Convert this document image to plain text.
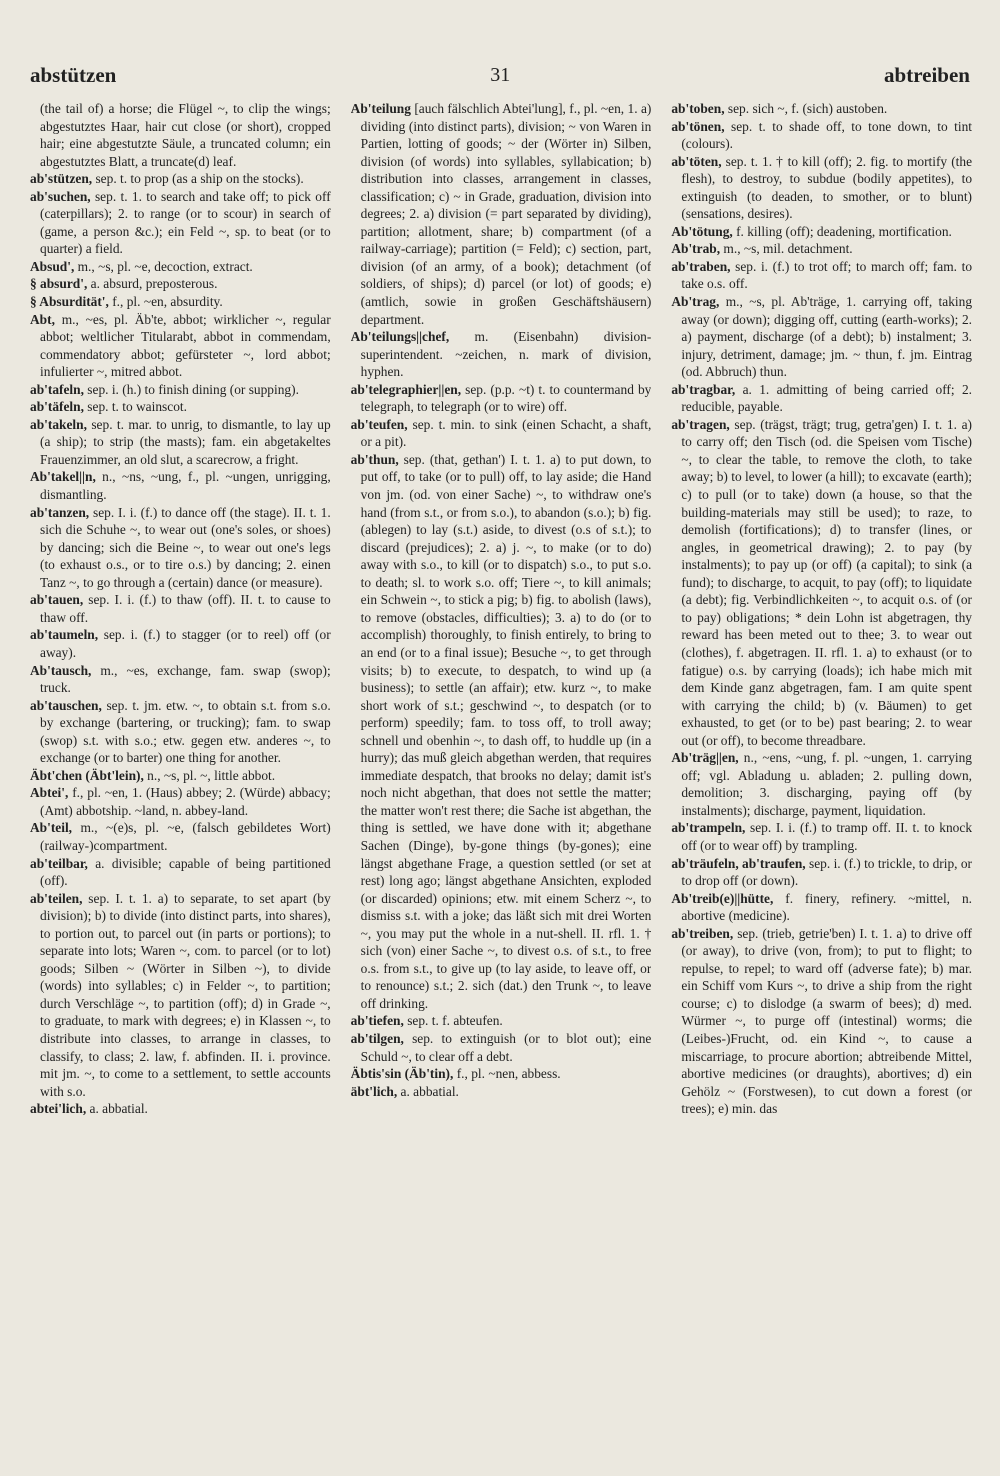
abstützen	31	abtreiben

(the tail of) a horse; die Flügel ~, to clip the wings; abgestutztes Haar, hair cut close (or short), cropped hair; eine abgestutzte Säule, a truncated column; ein abgestutztes Blatt, a truncate(d) leaf.

ab'stützen, sep. t. to prop (as a ship on the stocks).

ab'suchen, sep. t. 1. to search and take off; to pick off (caterpillars); 2. to range (or to scour) in search of (game, a person &c.); ein Feld ~, sp. to beat (or to quarter) a field.

Absud', m., ~s, pl. ~e, decoction, extract.

§ absurd', a. absurd, preposterous.

§ Absurdität', f., pl. ~en, absurdity.

Abt, m., ~es, pl. Äb'te, abbot; wirklicher ~, regular abbot; weltlicher Titularabt, abbot in commendam, commendatory abbot; gefürsteter ~, lord abbot; infulierter ~, mitred abbot.

ab'tafeln, sep. i. (h.) to finish dining (or supping).

ab'täfeln, sep. t. to wainscot.

ab'takeln, sep. t. mar. to unrig, to dismantle, to lay up (a ship); to strip (the masts); fam. ein abgetakeltes Frauenzimmer, an old slut, a scarecrow, a fright.

Ab'takel||n, n., ~ns, ~ung, f., pl. ~ungen, unrigging, dismantling.

ab'tanzen, sep. I. i. (f.) to dance off (the stage). II. t. 1. sich die Schuhe ~, to wear out (one's soles, or shoes) by dancing; sich die Beine ~, to wear out one's legs (to exhaust o.s., or to tire o.s.) by dancing; 2. einen Tanz ~, to go through a (certain) dance (or measure).

ab'tauen, sep. I. i. (f.) to thaw (off). II. t. to cause to thaw off.

ab'taumeln, sep. i. (f.) to stagger (or to reel) off (or away).

Ab'tausch, m., ~es, exchange, fam. swap (swop); truck.

ab'tauschen, sep. t. jm. etw. ~, to obtain s.t. from s.o. by exchange (bartering, or trucking); fam. to swap (swop) s.t. with s.o.; etw. gegen etw. anderes ~, to exchange (or to barter) one thing for another.

Äbt'chen (Äbt'lein), n., ~s, pl. ~, little abbot.

Abtei', f., pl. ~en, 1. (Haus) abbey; 2. (Würde) abbacy; (Amt) abbotship. ~land, n. abbey-land.

Ab'teil, m., ~(e)s, pl. ~e, (falsch gebildetes Wort) (railway-)compartment.

ab'teilbar, a. divisible; capable of being partitioned (off).

ab'teilen, sep. I. t. 1. a) to separate, to set apart (by division); b) to divide (into distinct parts, into shares), to portion out, to parcel out (in parts or portions); to separate into lots; Waren ~, com. to parcel (or to lot) goods; Silben ~ (Wörter in Silben ~), to divide (words) into syllables; c) in Felder ~, to partition; durch Verschläge ~, to partition (off); d) in Grade ~, to graduate, to mark with degrees; e) in Klassen ~, to distribute into classes, to arrange in classes, to classify, to class; 2. law, f. abfinden. II. i. province. mit jm. ~, to come to a settlement, to settle accounts with s.o.

abtei'lich, a. abbatial.

Ab'teilung [auch fälschlich Abtei'lung], f., pl. ~en, 1. a) dividing (into distinct parts), division; ~ von Waren in Partien, lotting of goods; ~ der (Wörter in) Silben, division (of words) into syllables, syllabication; b) distribution into classes, arrangement in classes, classification; c) ~ in Grade, graduation, division into degrees; 2. a) division (= part separated by dividing), partition; allotment, share; b) compartment (of a railway-carriage); partition (= Feld); c) section, part, division (of an army, of a book); detachment (of soldiers, of ships); d) parcel (or lot) of goods; e) (amtlich, sowie in großen Geschäftshäusern) department.

Ab'teilungs||chef, m. (Eisenbahn) division-superintendent. ~zeichen, n. mark of division, hyphen.

ab'telegraphier||en, sep. (p.p. ~t) t. to countermand by telegraph, to telegraph (or to wire) off.

ab'teufen, sep. t. min. to sink (einen Schacht, a shaft, or a pit).

ab'thun, sep. (that, gethan') I. t. 1. a) to put down, to put off, to take (or to pull) off, to lay aside; die Hand von jm. (od. von einer Sache) ~, to withdraw one's hand (from s.t., or from s.o.), to abandon (s.o.); b) fig. (ablegen) to lay (s.t.) aside, to divest (o.s of s.t.); to discard (prejudices); 2. a) j. ~, to make (or to do) away with s.o., to kill (or to dispatch) s.o., to put s.o. to death; sl. to work s.o. off; Tiere ~, to kill animals; ein Schwein ~, to stick a pig; b) fig. to abolish (laws), to remove (obstacles, difficulties); 3. a) to do (or to accomplish) thoroughly, to finish entirely, to bring to an end (or to a final issue); Besuche ~, to get through visits; b) to execute, to despatch, to wind up (a business); to settle (an affair); etw. kurz ~, to make short work of s.t.; geschwind ~, to despatch (or to perform) speedily; fam. to toss off, to troll away; schnell und obenhin ~, to dash off, to huddle up (in a hurry); das muß gleich abgethan werden, that requires immediate despatch, that brooks no delay; damit ist's noch nicht abgethan, that does not settle the matter; the matter won't rest there; die Sache ist abgethan, the thing is settled, we have done with it; abgethane Sachen (Dinge), by-gone things (by-gones); eine längst abgethane Frage, a question settled (or set at rest) long ago; längst abgethane Ansichten, exploded (or discarded) opinions; etw. mit einem Scherz ~, to dismiss s.t. with a joke; das läßt sich mit drei Worten ~, you may put the whole in a nut-shell. II. rfl. 1. † sich (von) einer Sache ~, to divest o.s. of s.t., to free o.s. from s.t., to give up (to lay aside, to leave off, or to renounce) s.t.; 2. sich (dat.) den Trunk ~, to leave off drinking.

ab'tiefen, sep. t. f. abteufen.

ab'tilgen, sep. to extinguish (or to blot out); eine Schuld ~, to clear off a debt.

Äbtis'sin (Äb'tin), f., pl. ~nen, abbess.

äbt'lich, a. abbatial.

ab'toben, sep. sich ~, f. (sich) austoben.

ab'tönen, sep. t. to shade off, to tone down, to tint (colours).

ab'töten, sep. t. 1. † to kill (off); 2. fig. to mortify (the flesh), to destroy, to subdue (bodily appetites), to extinguish (to deaden, to smother, or to blunt) (sensations, desires).

Ab'tötung, f. killing (off); deadening, mortification.

Ab'trab, m., ~s, mil. detachment.

ab'traben, sep. i. (f.) to trot off; to march off; fam. to take o.s. off.

Ab'trag, m., ~s, pl. Ab'träge, 1. carrying off, taking away (or down); digging off, cutting (earth-works); 2. a) payment, discharge (of a debt); b) instalment; 3. injury, detriment, damage; jm. ~ thun, f. jm. Eintrag (od. Abbruch) thun.

ab'tragbar, a. 1. admitting of being carried off; 2. reducible, payable.

ab'tragen, sep. (trägst, trägt; trug, getra'gen) I. t. 1. a) to carry off; den Tisch (od. die Speisen vom Tische) ~, to clear the table, to remove the cloth, to take away; b) to level, to lower (a hill); to excavate (earth); c) to pull (or to take) down (a house, so that the building-materials may still be used); to raze, to demolish (fortifications); d) to transfer (lines, or angles, in geometrical drawing); 2. to pay (by instalments); to pay up (or off) (a capital); to sink (a fund); to discharge, to acquit, to pay (off); to liquidate (a debt); fig. Verbindlichkeiten ~, to acquit o.s. of (or to pay) obligations; * dein Lohn ist abgetragen, thy reward has been meted out to thee; 3. to wear out (clothes), f. abgetragen. II. rfl. 1. a) to exhaust (or to fatigue) o.s. by carrying (loads); ich habe mich mit dem Kinde ganz abgetragen, fam. I am quite spent with carrying the child; b) (v. Bäumen) to get exhausted, to get (or to be) past bearing; 2. to wear out (or off), to become threadbare.

Ab'träg||en, n., ~ens, ~ung, f. pl. ~ungen, 1. carrying off; vgl. Abladung u. abladen; 2. pulling down, demolition; 3. discharging, paying off (by instalments); discharge, payment, liquidation.

ab'trampeln, sep. I. i. (f.) to tramp off. II. t. to knock off (or to wear off) by trampling.

ab'träufeln, ab'traufen, sep. i. (f.) to trickle, to drip, or to drop off (or down).

Ab'treib(e)||hütte, f. finery, refinery. ~mittel, n. abortive (medicine).

ab'treiben, sep. (trieb, getrie'ben) I. t. 1. a) to drive off (or away), to drive (von, from); to put to flight; to repulse, to repel; to ward off (adverse fate); b) mar. ein Schiff vom Kurs ~, to drive a ship from the right course; c) to dislodge (a swarm of bees); d) med. Würmer ~, to purge off (intestinal) worms; die (Leibes-)Frucht, od. ein Kind ~, to cause a miscarriage, to procure abortion; abtreibende Mittel, abortive medicines (or draughts), abortives; d) ein Gehölz ~ (Forstwesen), to cut down a forest (or trees); e) min. das
